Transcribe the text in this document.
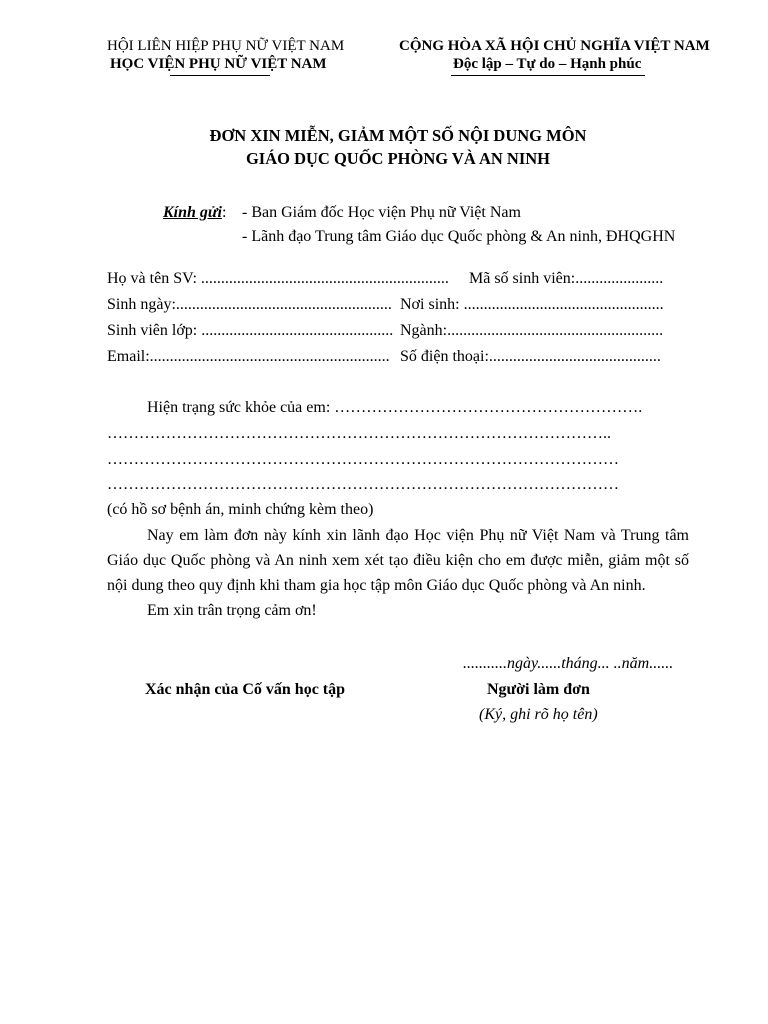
HỘI LIÊN HIỆP PHỤ NỮ VIỆT NAM
HỌC VIỆN PHỤ NỮ VIỆT NAM
CỘNG HÒA XÃ HỘI CHỦ NGHĨA VIỆT NAM
Độc lập – Tự do – Hạnh phúc
ĐƠN XIN MIỄN, GIẢM MỘT SỐ NỘI DUNG MÔN
GIÁO DỤC QUỐC PHÒNG VÀ AN NINH
Kính gửi: - Ban Giám đốc Học viện Phụ nữ Việt Nam
- Lãnh đạo Trung tâm Giáo dục Quốc phòng & An ninh, ĐHQGHN
Họ và tên SV: .............................................................. Mã số sinh viên:......................
Sinh ngày:...................................................... Nơi sinh: ..................................................
Sinh viên lớp: ................................................ Ngành:......................................................
Email:............................................................ Số điện thoại:...........................................
Hiện trạng sức khỏe của em: ………………………………………………….
…………………………………………………………………………………..
……………………………………………………………………………………
……………………………………………………………………………………
(có hồ sơ bệnh án, minh chứng kèm theo)
Nay em làm đơn này kính xin lãnh đạo Học viện Phụ nữ Việt Nam và Trung tâm Giáo dục Quốc phòng và An ninh xem xét tạo điều kiện cho em được miễn, giảm một số nội dung theo quy định khi tham gia học tập môn Giáo dục Quốc phòng và An ninh.
Em xin trân trọng cảm ơn!
...........ngày......tháng... ..năm......
Xác nhận của Cố vấn học tập	Người làm đơn
(Ký, ghi rõ họ tên)
